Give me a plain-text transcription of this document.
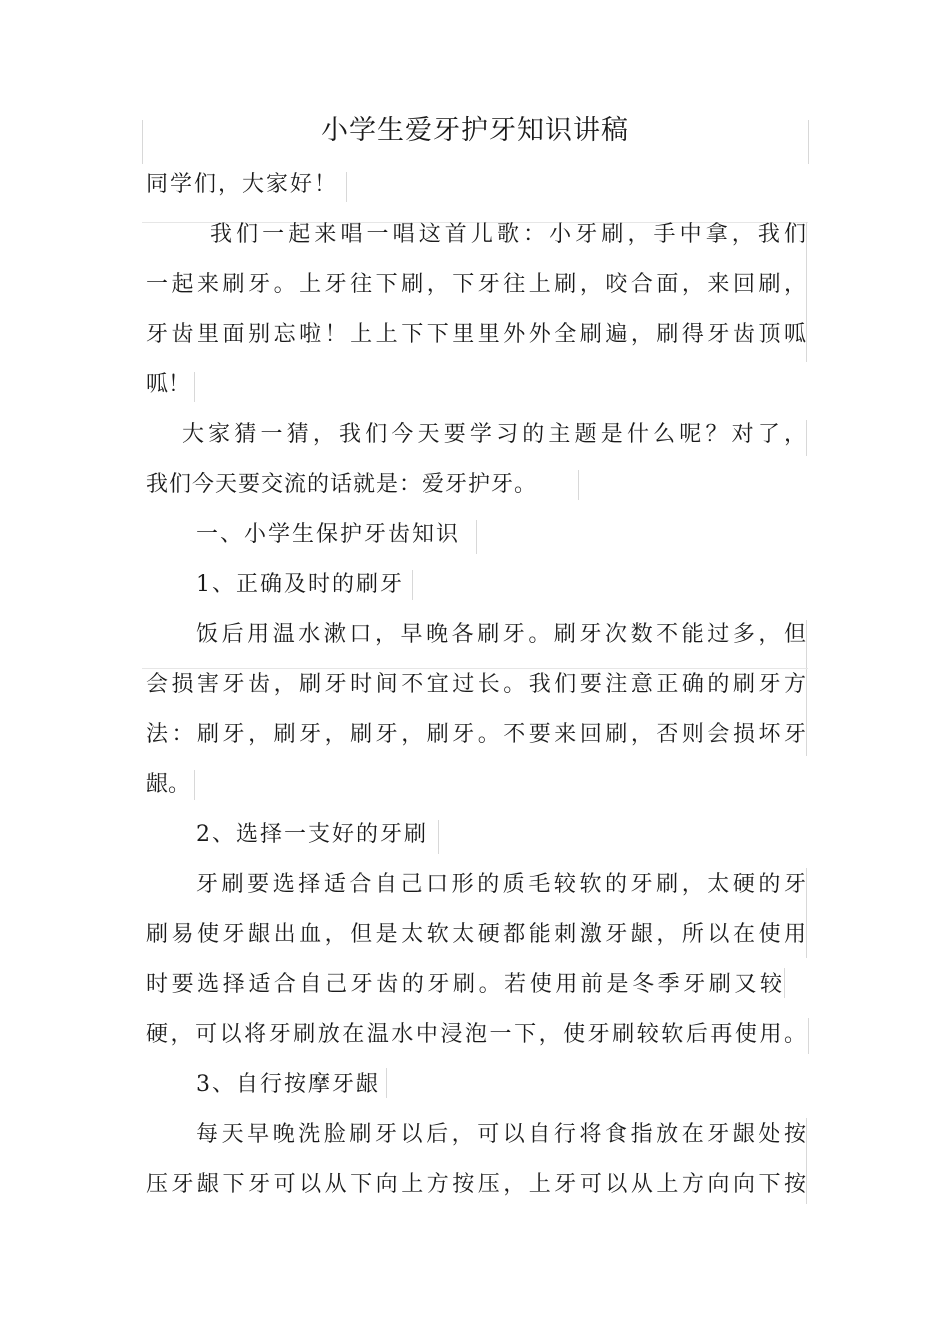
小学生爱牙护牙知识讲稿
同学们，大家好！
我们一起来唱一唱这首儿歌：小牙刷，手中拿，我们
一起来刷牙。上牙往下刷，下牙往上刷，咬合面，来回刷，
牙齿里面别忘啦！上上下下里里外外全刷遍，刷得牙齿顶呱
呱！
大家猜一猜，我们今天要学习的主题是什么呢？对了，
我们今天要交流的话就是：爱牙护牙。
一、小学生保护牙齿知识
1、正确及时的刷牙
饭后用温水漱口，早晚各刷牙。刷牙次数不能过多，但
会损害牙齿，刷牙时间不宜过长。我们要注意正确的刷牙方
法：刷牙，刷牙，刷牙，刷牙。不要来回刷，否则会损坏牙
龈。
2、选择一支好的牙刷
牙刷要选择适合自己口形的质毛较软的牙刷，太硬的牙
刷易使牙龈出血，但是太软太硬都能刺激牙龈，所以在使用
时要选择适合自己牙齿的牙刷。若使用前是冬季牙刷又较
硬，可以将牙刷放在温水中浸泡一下，使牙刷较软后再使用。
3、自行按摩牙龈
每天早晚洗脸刷牙以后，可以自行将食指放在牙龈处按
压牙龈下牙可以从下向上方按压，上牙可以从上方向向下按
